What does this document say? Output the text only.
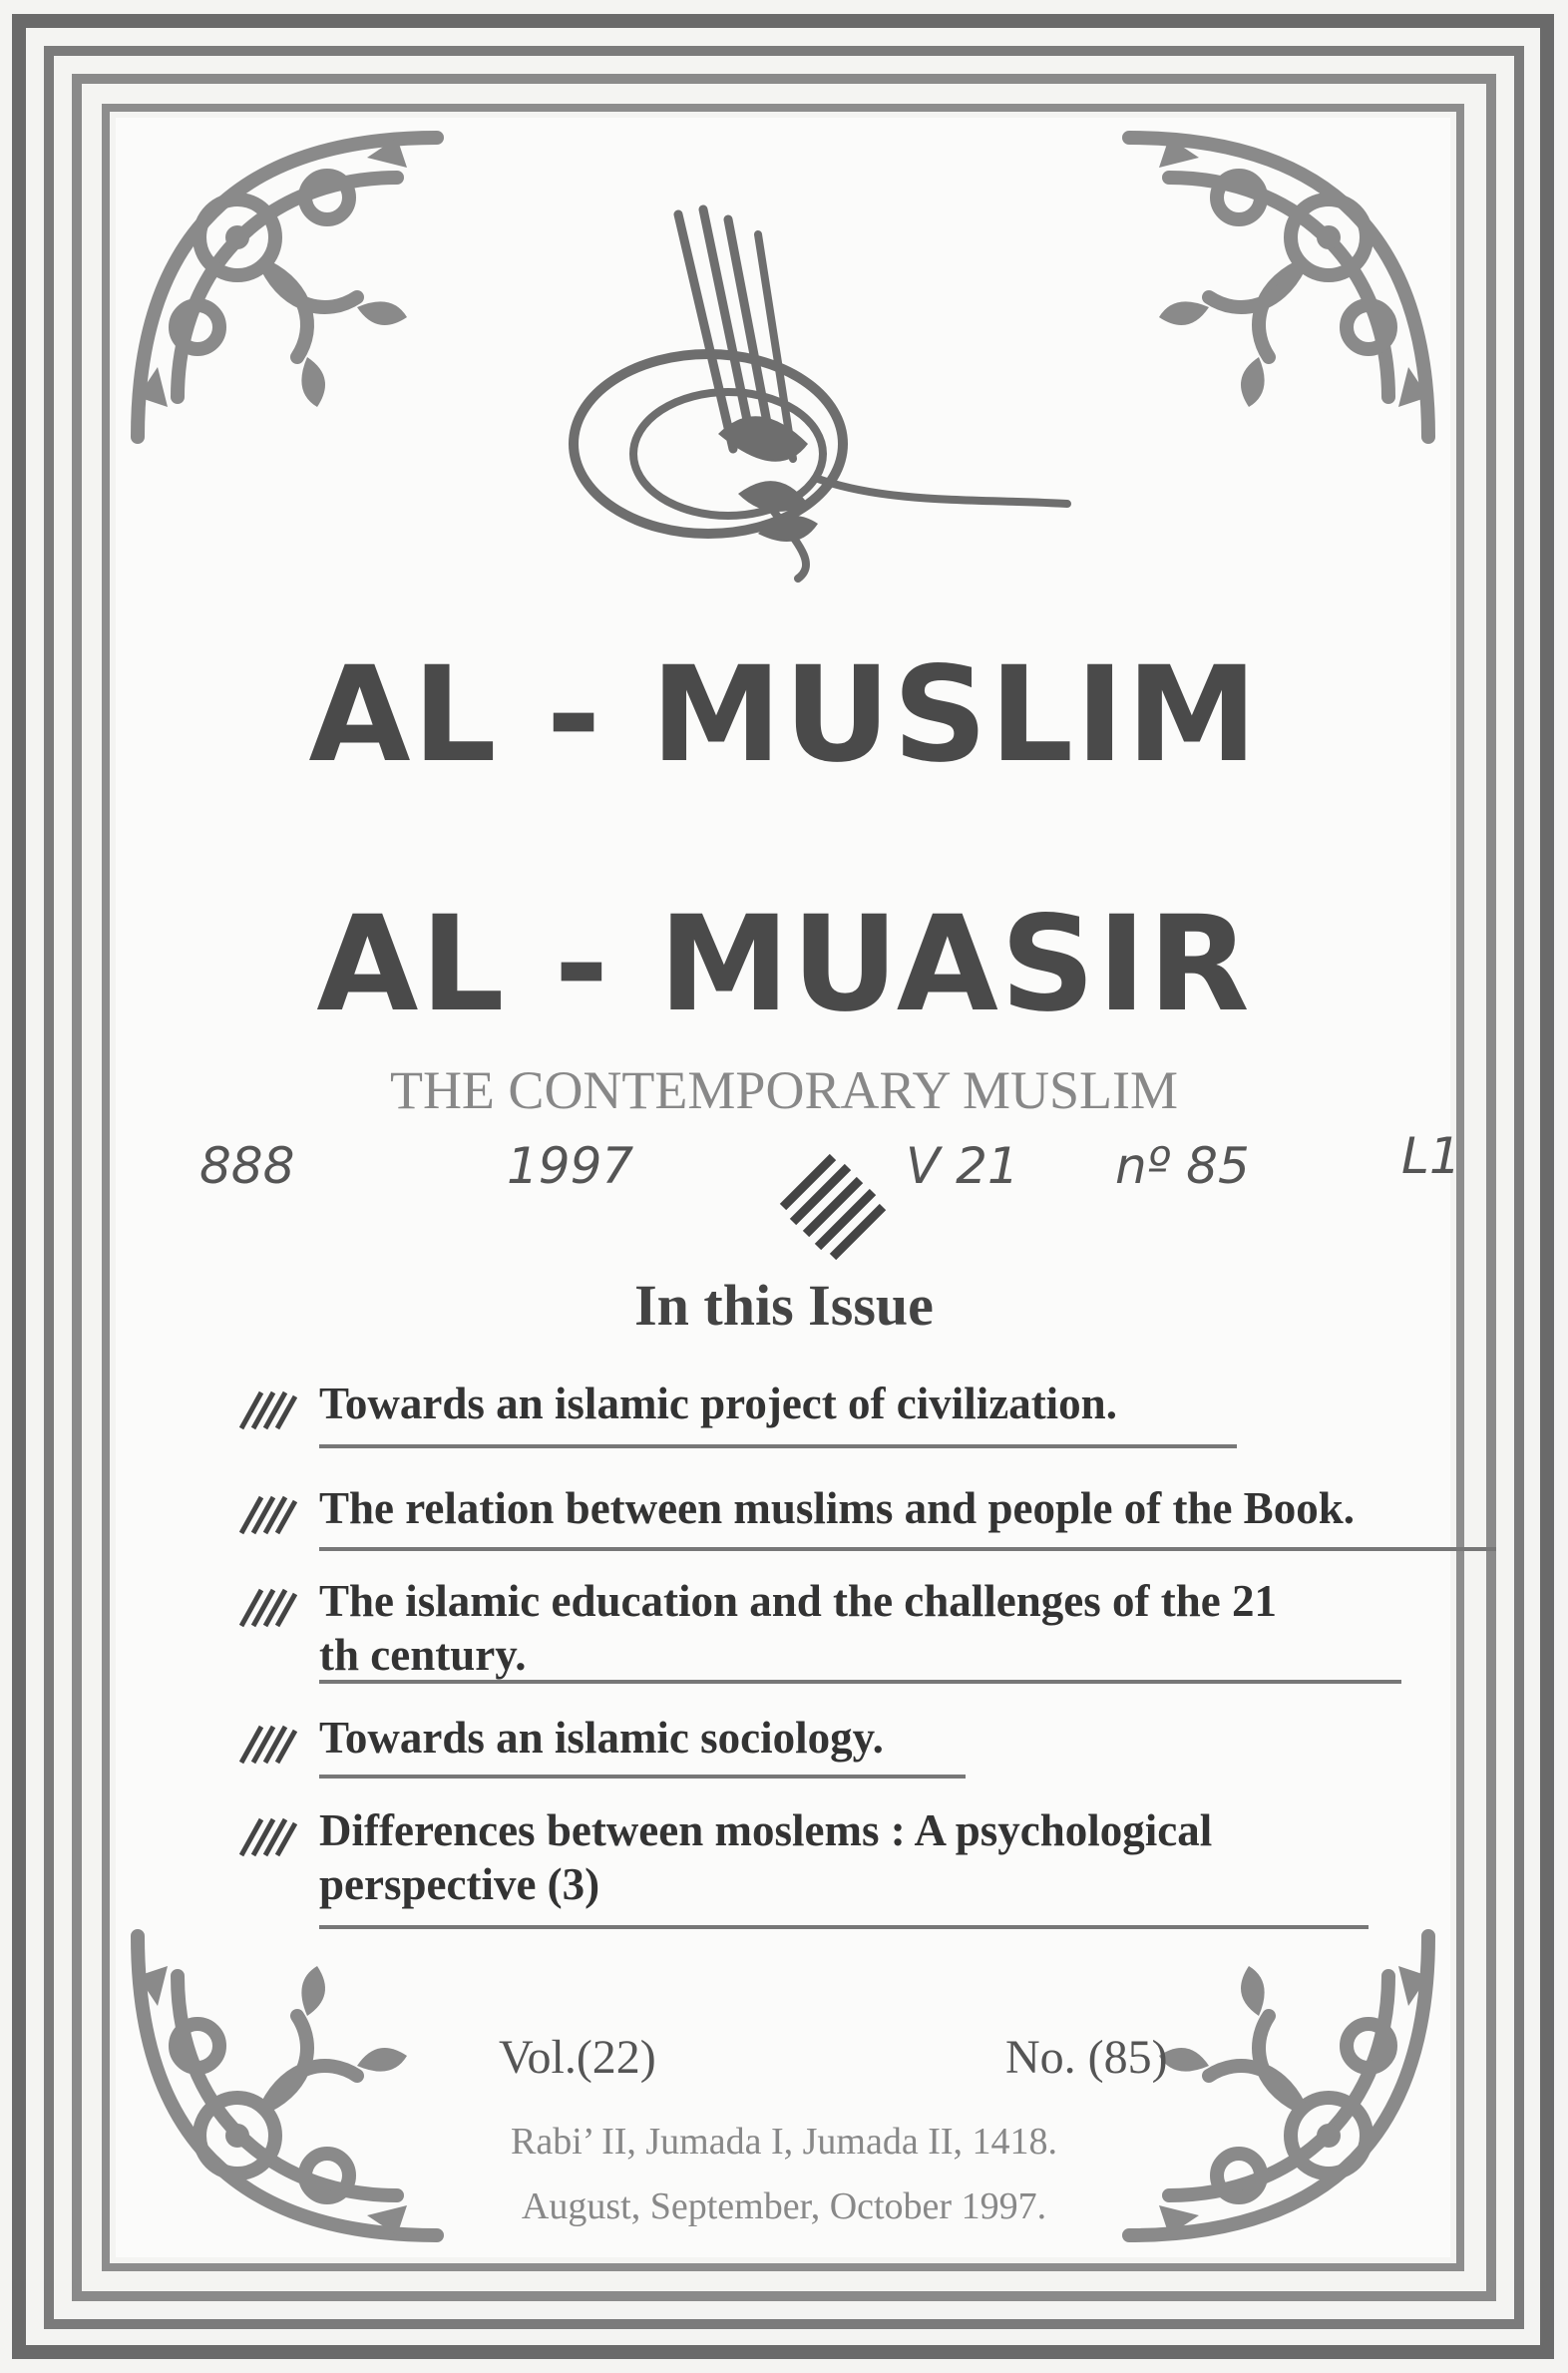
AL - MUSLIM
AL - MUASIR
THE CONTEMPORARY MUSLIM
888	1997	V 21 nº 85	L1
In this Issue
Towards an islamic project of civilization.
The relation between muslims and people of the Book.
The islamic education and the challenges of the 21
th century.
Towards an islamic sociology.
Differences between moslems : A psychological
perspective (3)
Vol.(22)	No. (85)
Rabi’ II, Jumada I, Jumada II, 1418.
August, September, October 1997.
